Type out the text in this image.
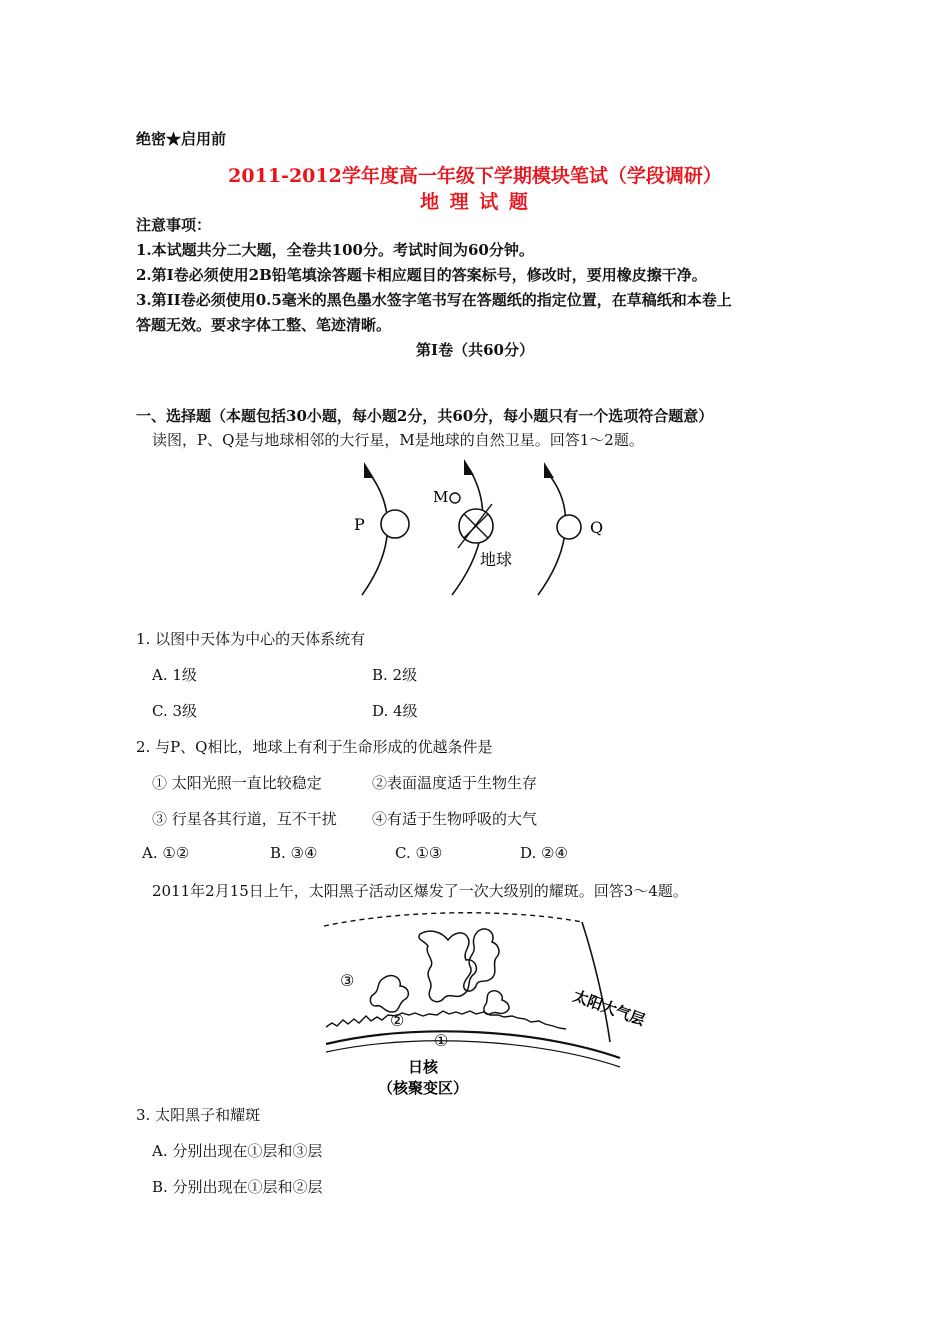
绝密★启用前
2011-2012学年度高一年级下学期模块笔试（学段调研）
地 理 试 题
注意事项：
1.本试题共分二大题，全卷共100分。考试时间为60分钟。
2.第I卷必须使用2B铅笔填涂答题卡相应题目的答案标号，修改时，要用橡皮擦干净。
3.第II卷必须使用0.5毫米的黑色墨水签字笔书写在答题纸的指定位置，在草稿纸和本卷上
答题无效。要求字体工整、笔迹清晰。
第I卷（共60分）
一、选择题（本题包括30小题，每小题2分，共60分，每小题只有一个选项符合题意）
读图，P、Q是与地球相邻的大行星，M是地球的自然卫星。回答1～2题。
P
M
地球
Q
1. 以图中天体为中心的天体系统有
A. 1级	B. 2级
C. 3级	D. 4级
2. 与P、Q相比，地球上有利于生命形成的优越条件是
① 太阳光照一直比较稳定	②表面温度适于生物生存
③ 行星各其行道，互不干扰 ④有适于生物呼吸的大气
A. ①②	B. ③④	C. ①③	D. ②④
2011年2月15日上午，太阳黑子活动区爆发了一次大级别的耀斑。回答3～4题。
③
②
①
太阳大气层
日核
（核聚变区）
3. 太阳黑子和耀斑
A. 分别出现在①层和③层
B. 分别出现在①层和②层
